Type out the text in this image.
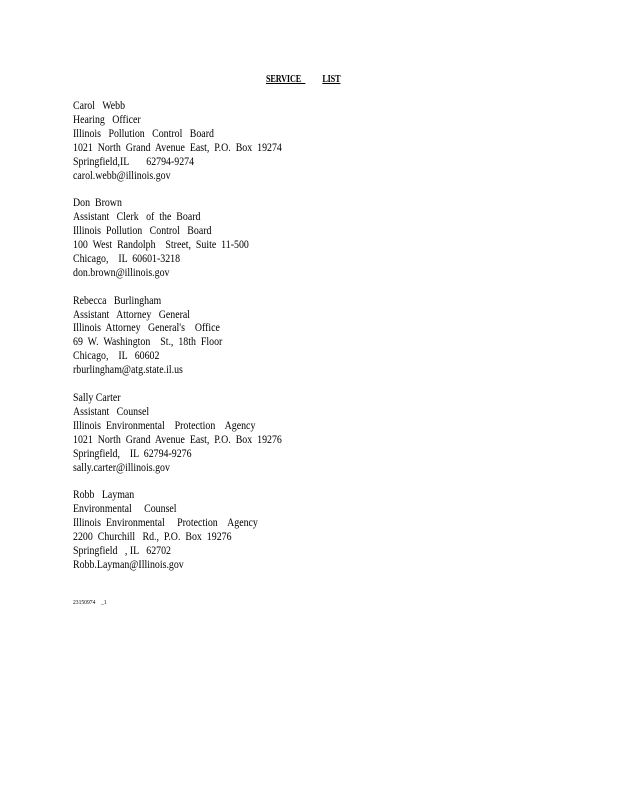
SERVICE LIST
Carol   Webb
Hearing   Officer
Illinois   Pollution   Control   Board
1021  North  Grand  Avenue  East,  P.O.  Box  19274
Springfield,IL       62794-9274
carol.webb@illinois.gov
Don  Brown
Assistant   Clerk   of  the  Board
Illinois  Pollution   Control   Board
100  West  Randolph    Street,  Suite  11-500
Chicago,    IL  60601-3218
don.brown@illinois.gov
Rebecca   Burlingham
Assistant   Attorney   General
Illinois  Attorney   General's    Office
69  W.  Washington    St.,  18th  Floor
Chicago,    IL   60602
rburlingham@atg.state.il.us
Sally Carter
Assistant   Counsel
Illinois  Environmental    Protection    Agency
1021  North  Grand  Avenue  East,  P.O.  Box  19276
Springfield,    IL  62794-9276
sally.carter@illinois.gov
Robb   Layman
Environmental     Counsel
Illinois  Environmental     Protection    Agency
2200  Churchill   Rd.,  P.O.  Box  19276
Springfield   , IL   62702
Robb.Layman@Illinois.gov
23150974    _1
